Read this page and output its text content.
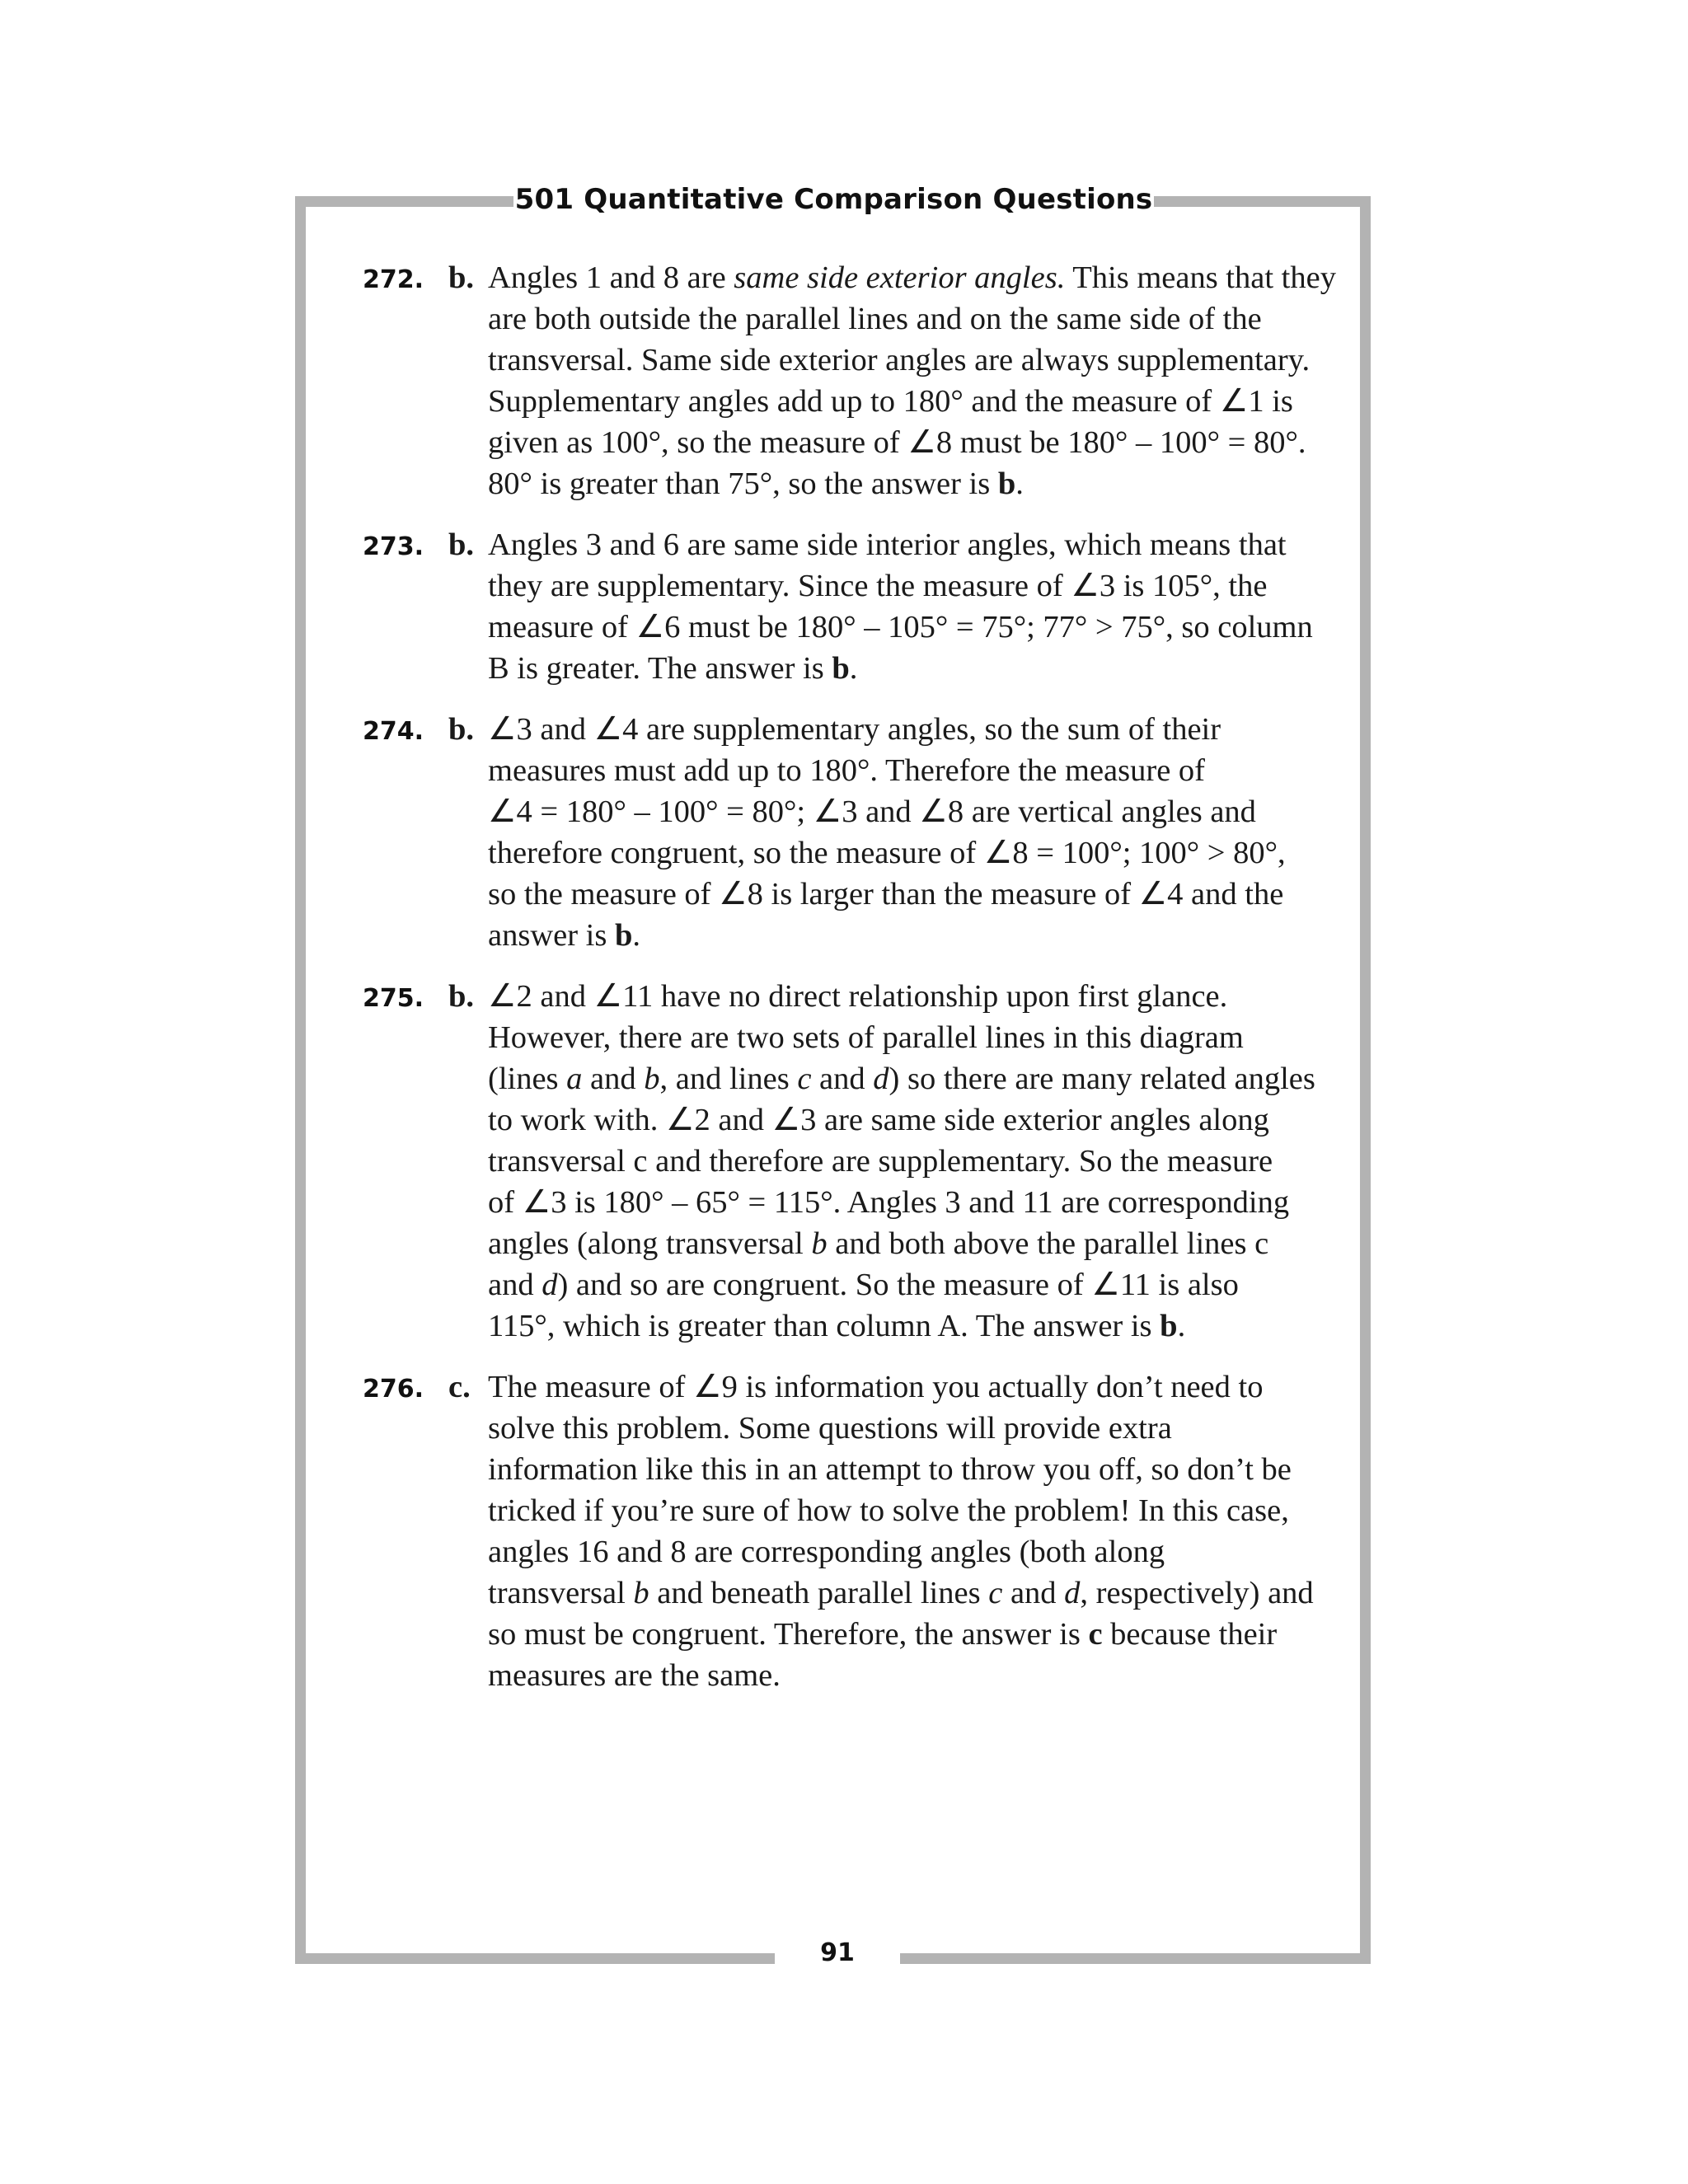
501 Quantitative Comparison Questions
272. b. Angles 1 and 8 are same side exterior angles. This means that they
are both outside the parallel lines and on the same side of the
transversal. Same side exterior angles are always supplementary.
Supplementary angles add up to 180° and the measure of ∠1 is
given as 100°, so the measure of ∠8 must be 180° – 100° = 80°.
80° is greater than 75°, so the answer is b.
273. b. Angles 3 and 6 are same side interior angles, which means that
they are supplementary. Since the measure of ∠3 is 105°, the
measure of ∠6 must be 180° – 105° = 75°; 77° > 75°, so column
B is greater. The answer is b.
274. b. ∠3 and ∠4 are supplementary angles, so the sum of their
measures must add up to 180°. Therefore the measure of
∠4 = 180° – 100° = 80°; ∠3 and ∠8 are vertical angles and
therefore congruent, so the measure of ∠8 = 100°; 100° > 80°,
so the measure of ∠8 is larger than the measure of ∠4 and the
answer is b.
275. b. ∠2 and ∠11 have no direct relationship upon first glance.
However, there are two sets of parallel lines in this diagram
(lines a and b, and lines c and d) so there are many related angles
to work with. ∠2 and ∠3 are same side exterior angles along
transversal c and therefore are supplementary. So the measure
of ∠3 is 180° – 65° = 115°. Angles 3 and 11 are corresponding
angles (along transversal b and both above the parallel lines c
and d) and so are congruent. So the measure of ∠11 is also
115°, which is greater than column A. The answer is b.
276. c. The measure of ∠9 is information you actually don’t need to
solve this problem. Some questions will provide extra
information like this in an attempt to throw you off, so don’t be
tricked if you’re sure of how to solve the problem! In this case,
angles 16 and 8 are corresponding angles (both along
transversal b and beneath parallel lines c and d, respectively) and
so must be congruent. Therefore, the answer is c because their
measures are the same.
91
